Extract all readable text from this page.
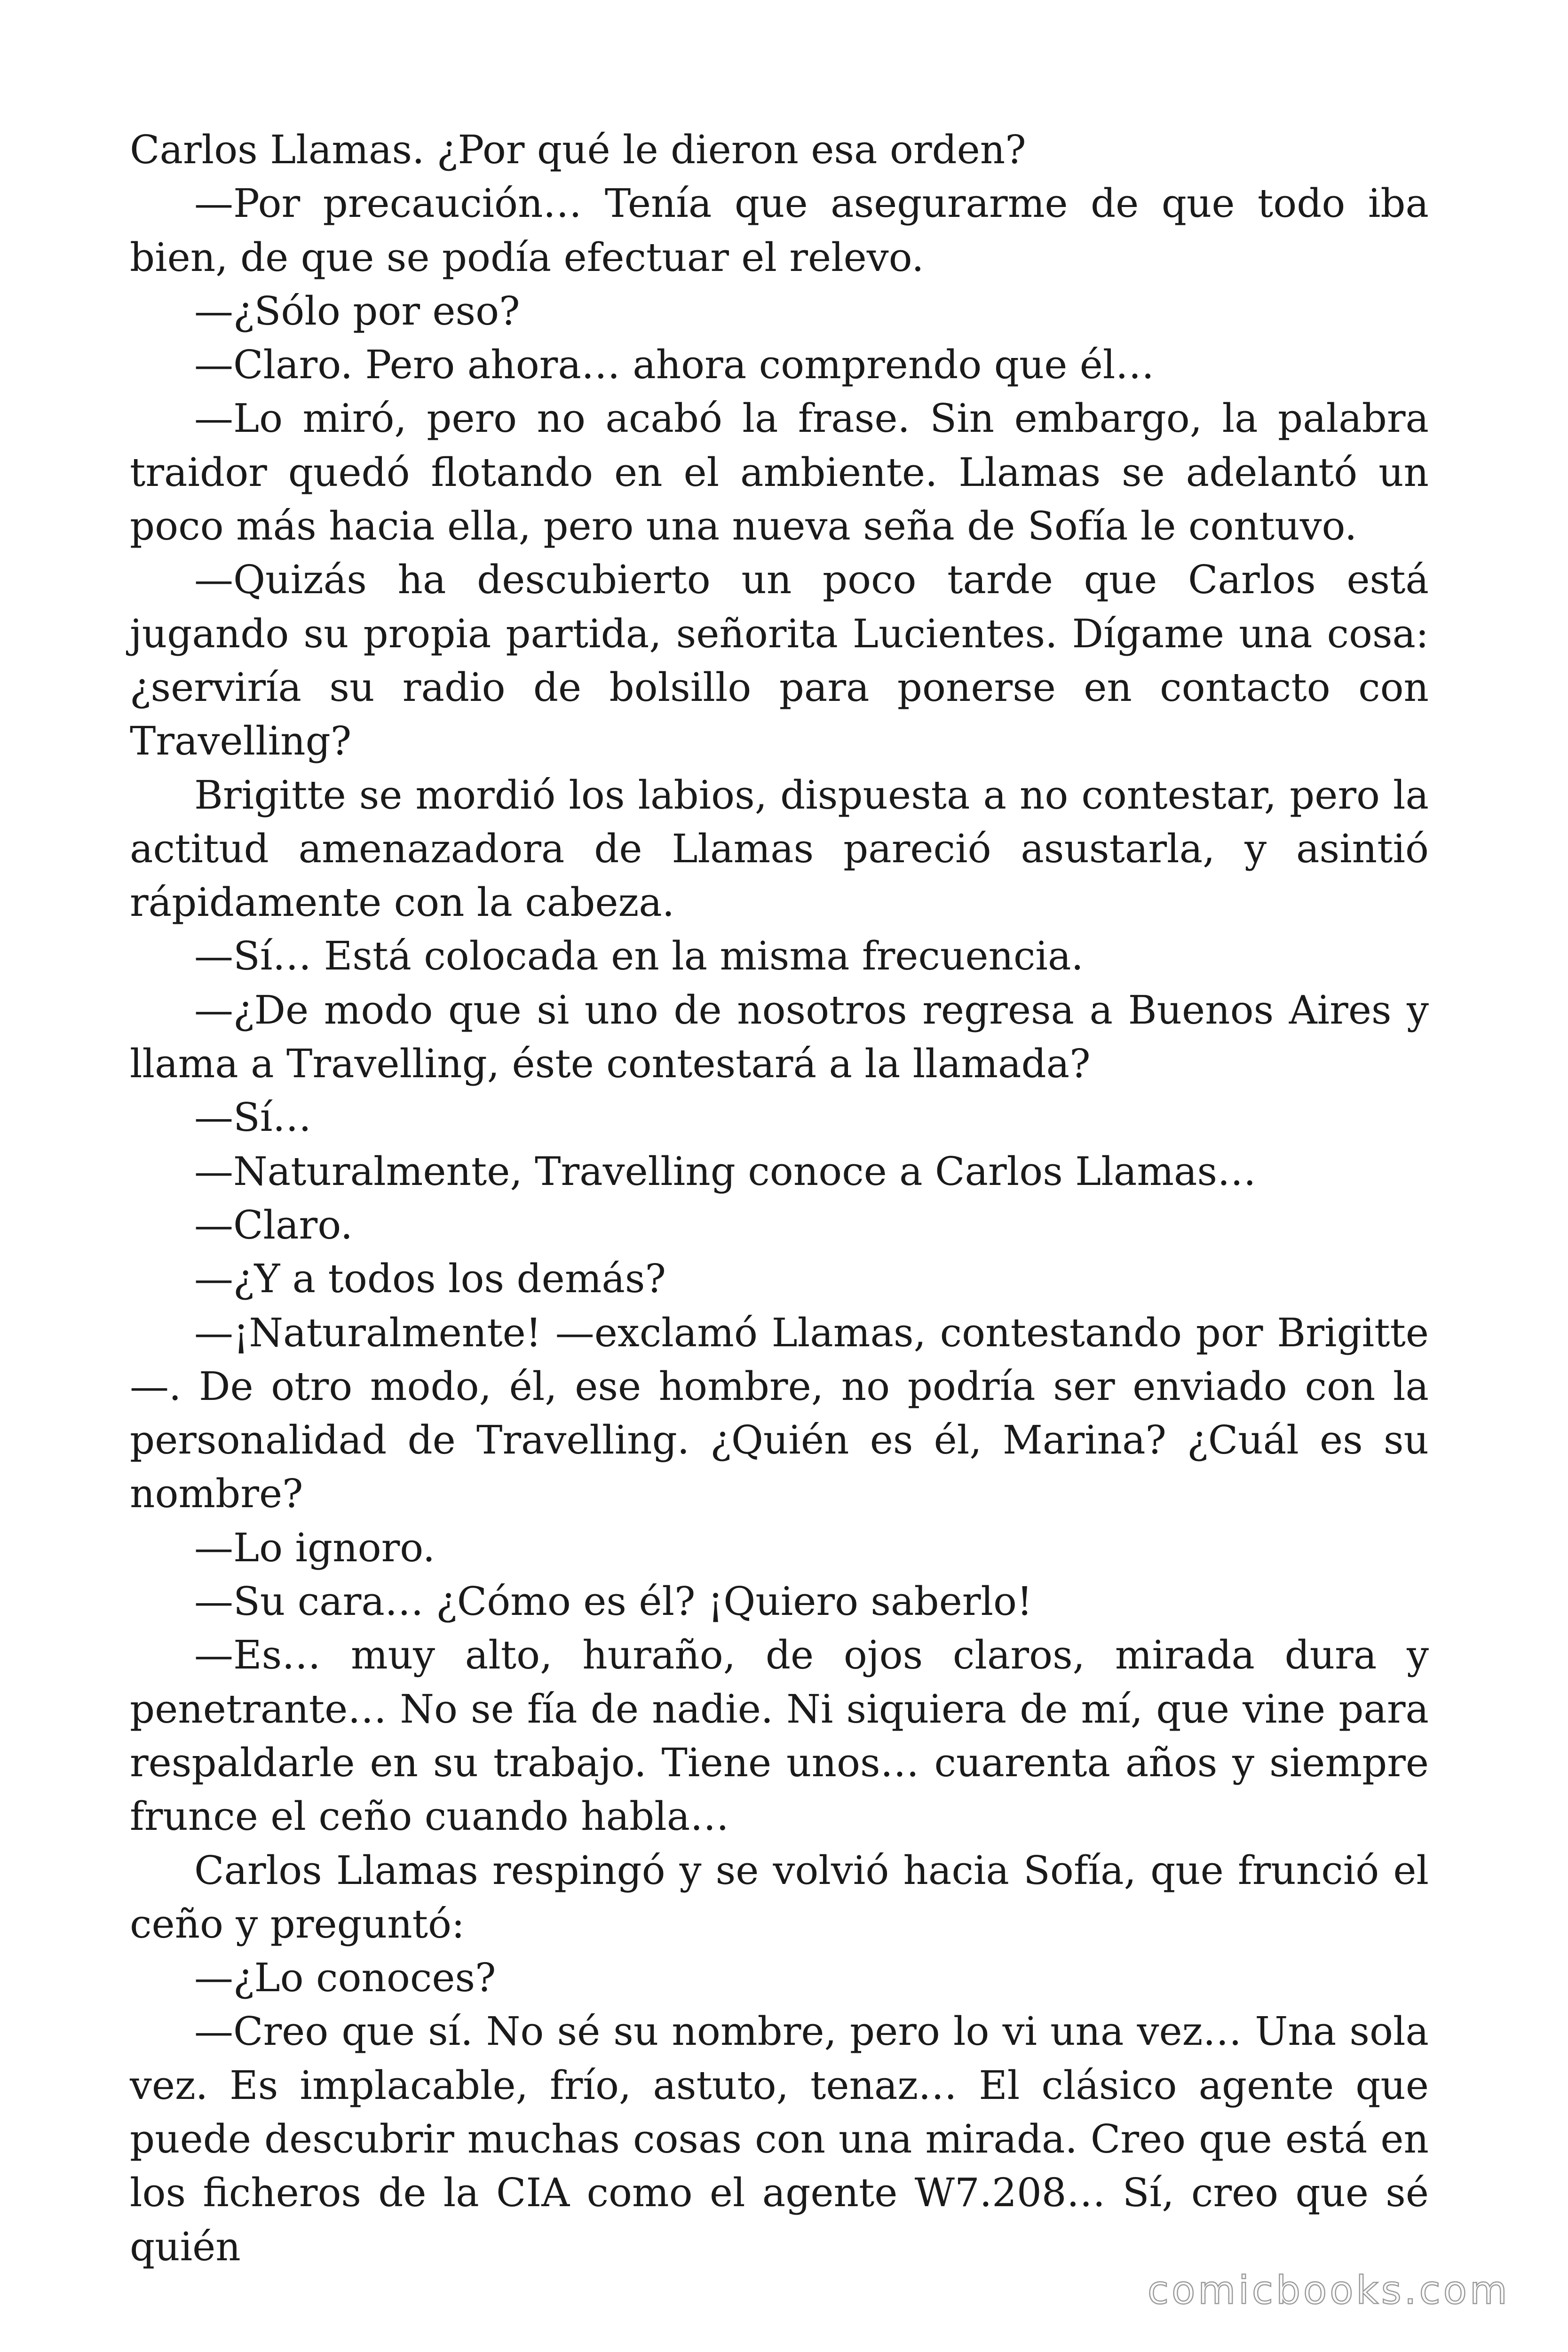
Carlos Llamas. ¿Por qué le dieron esa orden?

—Por precaución… Tenía que asegurarme de que todo iba bien, de que se podía efectuar el relevo.

—¿Sólo por eso?

—Claro. Pero ahora… ahora comprendo que él…

—Lo miró, pero no acabó la frase. Sin embargo, la palabra traidor quedó flotando en el ambiente. Llamas se adelantó un poco más hacia ella, pero una nueva seña de Sofía le contuvo.

—Quizás ha descubierto un poco tarde que Carlos está jugando su propia partida, señorita Lucientes. Dígame una cosa: ¿serviría su radio de bolsillo para ponerse en contacto con Travelling?

Brigitte se mordió los labios, dispuesta a no contestar, pero la actitud amenazadora de Llamas pareció asustarla, y asintió rápidamente con la cabeza.

—Sí… Está colocada en la misma frecuencia.

—¿De modo que si uno de nosotros regresa a Buenos Aires y llama a Travelling, éste contestará a la llamada?

—Sí…

—Naturalmente, Travelling conoce a Carlos Llamas…

—Claro.

—¿Y a todos los demás?

—¡Naturalmente! —exclamó Llamas, contestando por Brigitte—. De otro modo, él, ese hombre, no podría ser enviado con la personalidad de Travelling. ¿Quién es él, Marina? ¿Cuál es su nombre?

—Lo ignoro.

—Su cara… ¿Cómo es él? ¡Quiero saberlo!

—Es… muy alto, huraño, de ojos claros, mirada dura y penetrante… No se fía de nadie. Ni siquiera de mí, que vine para respaldarle en su trabajo. Tiene unos… cuarenta años y siempre frunce el ceño cuando habla…

Carlos Llamas respingó y se volvió hacia Sofía, que frunció el ceño y preguntó:

—¿Lo conoces?

—Creo que sí. No sé su nombre, pero lo vi una vez… Una sola vez. Es implacable, frío, astuto, tenaz… El clásico agente que puede descubrir muchas cosas con una mirada. Creo que está en los ficheros de la CIA como el agente W7.208… Sí, creo que sé quién

comicbooks.com
